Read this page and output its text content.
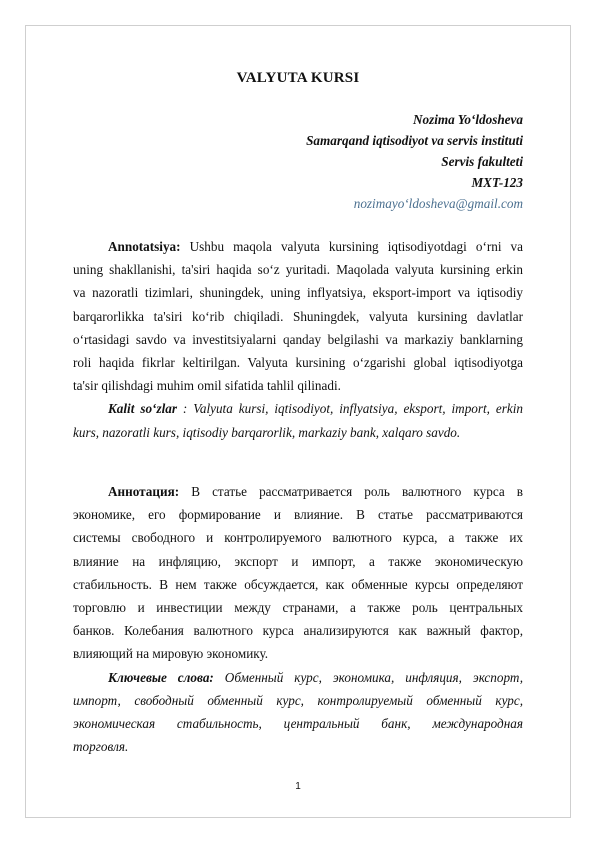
VALYUTA KURSI
Nozima Yo‘ldosheva
Samarqand iqtisodiyot va servis instituti
Servis fakulteti
MXT-123
nozimayo‘ldosheva@gmail.com
Annotatsiya: Ushbu maqola valyuta kursining iqtisodiyotdagi o‘rni va
uning shakllanishi, ta'siri haqida so‘z yuritadi. Maqolada valyuta kursining erkin
va nazoratli tizimlari, shuningdek, uning inflyatsiya, eksport-import va iqtisodiy
barqarorlikka ta'siri ko‘rib chiqiladi. Shuningdek, valyuta kursining davlatlar
o‘rtasidagi savdo va investitsiyalarni qanday belgilashi va markaziy banklarning
roli haqida fikrlar keltirilgan. Valyuta kursining o‘zgarishi global iqtisodiyotga
ta'sir qilishdagi muhim omil sifatida tahlil qilinadi.
Kalit so‘zlar : Valyuta kursi, iqtisodiyot, inflyatsiya, eksport, import, erkin
kurs, nazoratli kurs, iqtisodiy barqarorlik, markaziy bank, xalqaro savdo.
Аннотация: В статье рассматривается роль валютного курса в
экономике, его формирование и влияние. В статье рассматриваются
системы свободного и контролируемого валютного курса, а также их
влияние на инфляцию, экспорт и импорт, а также экономическую
стабильность. В нем также обсуждается, как обменные курсы определяют
торговлю и инвестиции между странами, а также роль центральных
банков. Колебания валютного курса анализируются как важный фактор,
влияющий на мировую экономику.
Ключевые слова: Обменный курс, экономика, инфляция, экспорт,
импорт, свободный обменный курс, контролируемый обменный курс,
экономическая стабильность, центральный банк, международная
торговля.
1
